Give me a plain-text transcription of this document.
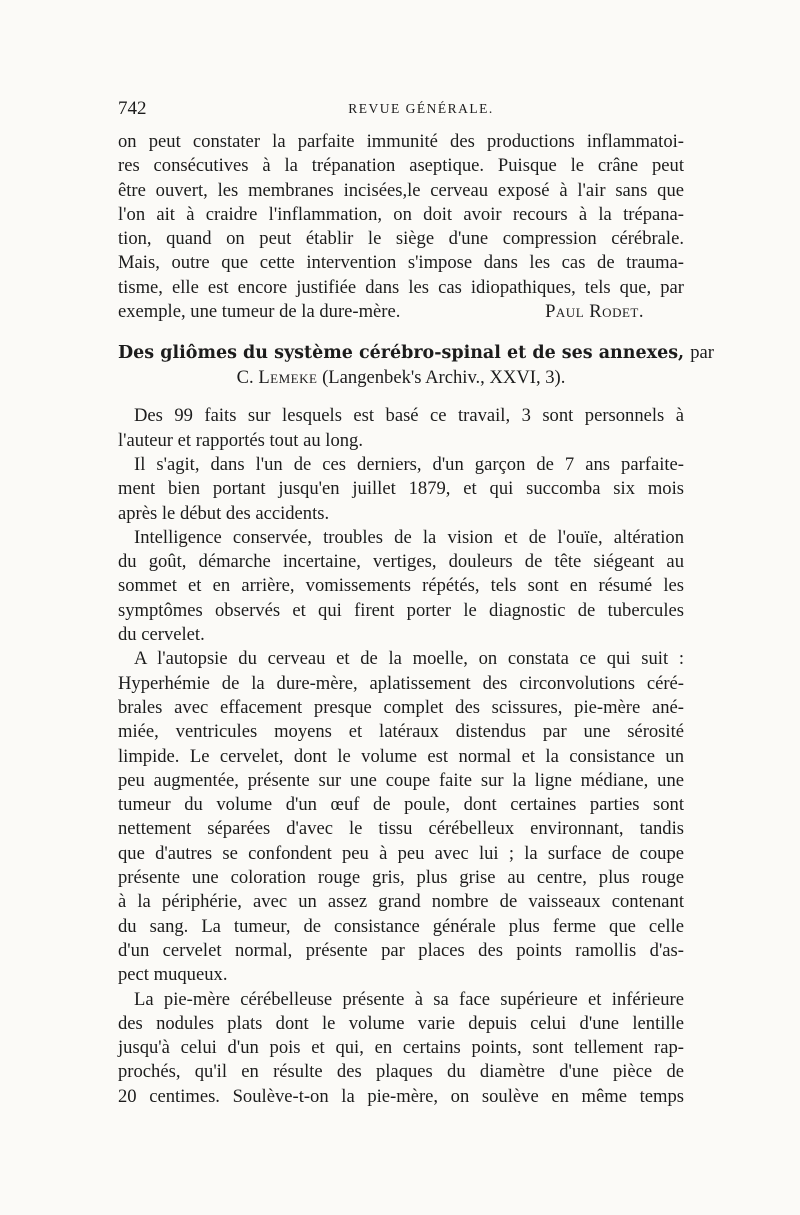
742	REVUE GÉNÉRALE.
on peut constater la parfaite immunité des productions inflammatoi-
res consécutives à la trépanation aseptique. Puisque le crâne peut
être ouvert, les membranes incisées,le cerveau exposé à l'air sans que
l'on ait à craidre l'inflammation, on doit avoir recours à la trépana-
tion, quand on peut établir le siège d'une compression cérébrale.
Mais, outre que cette intervention s'impose dans les cas de trauma-
tisme, elle est encore justifiée dans les cas idiopathiques, tels que, par
exemple, une tumeur de la dure-mère.	Paul Rodet.
Des gliômes du système cérébro-spinal et de ses annexes, par
C. Lemeke (Langenbek's Archiv., XXVI, 3).
Des 99 faits sur lesquels est basé ce travail, 3 sont personnels à
l'auteur et rapportés tout au long.
Il s'agit, dans l'un de ces derniers, d'un garçon de 7 ans parfaite-
ment bien portant jusqu'en juillet 1879, et qui succomba six mois
après le début des accidents.
Intelligence conservée, troubles de la vision et de l'ouïe, altération
du goût, démarche incertaine, vertiges, douleurs de tête siégeant au
sommet et en arrière, vomissements répétés, tels sont en résumé les
symptômes observés et qui firent porter le diagnostic de tubercules
du cervelet.
A l'autopsie du cerveau et de la moelle, on constata ce qui suit :
Hyperhémie de la dure-mère, aplatissement des circonvolutions céré-
brales avec effacement presque complet des scissures, pie-mère ané-
miée, ventricules moyens et latéraux distendus par une sérosité
limpide. Le cervelet, dont le volume est normal et la consistance un
peu augmentée, présente sur une coupe faite sur la ligne médiane, une
tumeur du volume d'un œuf de poule, dont certaines parties sont
nettement séparées d'avec le tissu cérébelleux environnant, tandis
que d'autres se confondent peu à peu avec lui ; la surface de coupe
présente une coloration rouge gris, plus grise au centre, plus rouge
à la périphérie, avec un assez grand nombre de vaisseaux contenant
du sang. La tumeur, de consistance générale plus ferme que celle
d'un cervelet normal, présente par places des points ramollis d'as-
pect muqueux.
La pie-mère cérébelleuse présente à sa face supérieure et inférieure
des nodules plats dont le volume varie depuis celui d'une lentille
jusqu'à celui d'un pois et qui, en certains points, sont tellement rap-
prochés, qu'il en résulte des plaques du diamètre d'une pièce de
20 centimes. Soulève-t-on la pie-mère, on soulève en même temps
